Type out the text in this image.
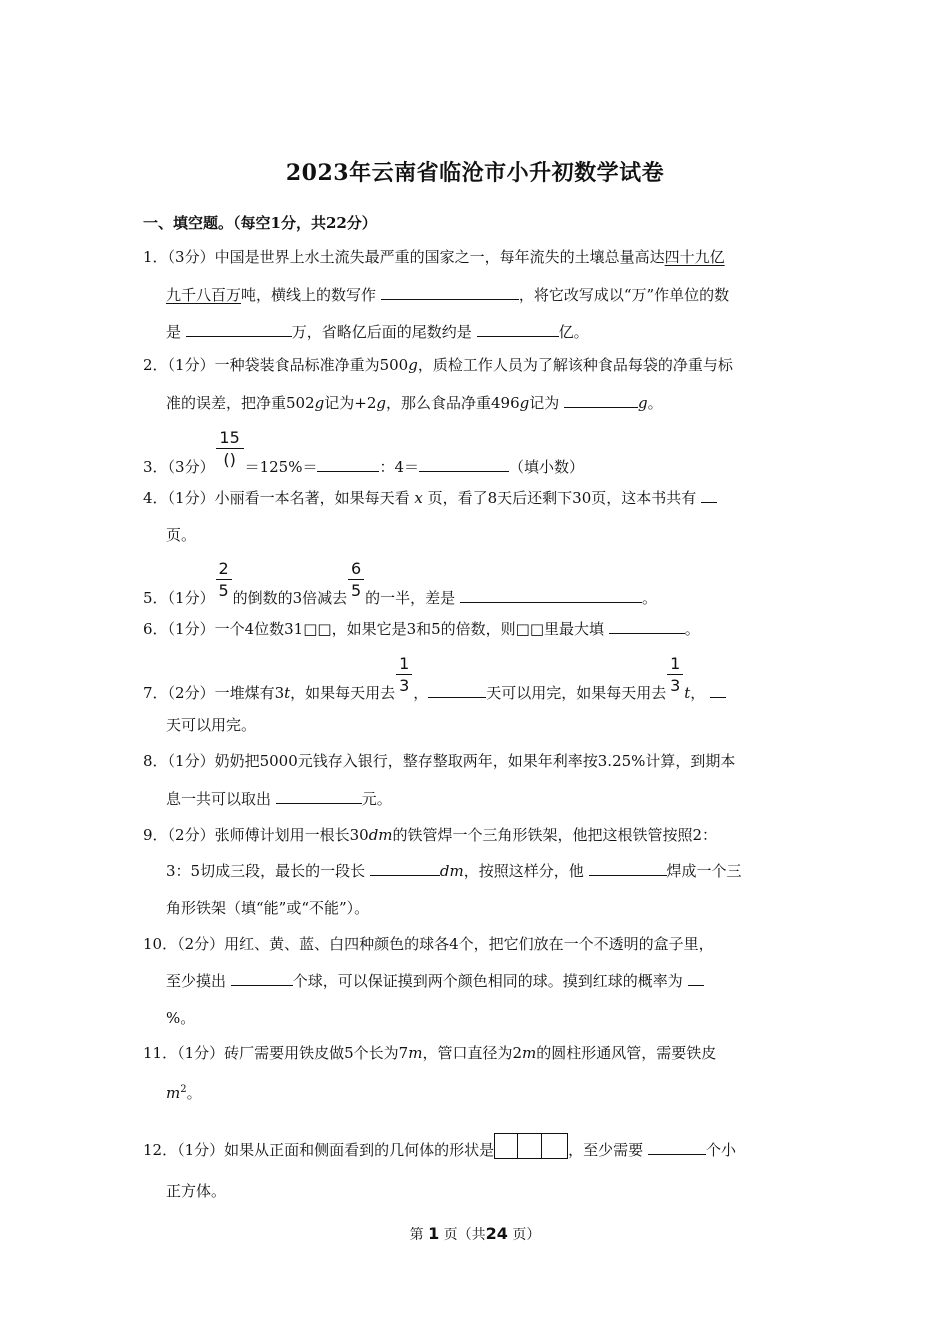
2023年云南省临沧市小升初数学试卷
一、填空题。（每空1分，共22分）
1．（3分）中国是世界上水土流失最严重的国家之一，每年流失的土壤总量高达四十九亿
九千八百万吨，横线上的数写作	，将它改写成以“万”作单位的数
是	万，省略亿后面的尾数约是	亿。
2．（1分）一种袋装食品标准净重为500g，质检工作人员为了解该种食品每袋的净重与标
准的误差，把净重502g记为+2g，那么食品净重496g记为	g。
3．（3分） $\frac{15}{()} =125\%=$	：4＝	（填小数）
4．（1分）小丽看一本名著，如果每天看 x 页，看了8天后还剩下30页，这本书共有
页。
5．（1分） $\frac{2}{5}$ 的倒数的3倍减去 $\frac{6}{5}$ 的一半，差是	。
6．（1分）一个4位数31□□，如果它是3和5的倍数，则□□里最大填	。
7．（2分）一堆煤有3t，如果每天用去 $\frac{1}{3}$ ，	天可以用完，如果每天用去 $\frac{1}{3}$ t，
天可以用完。
8．（1分）奶奶把5000元钱存入银行，整存整取两年，如果年利率按3.25%计算，到期本
息一共可以取出	元。
9．（2分）张师傅计划用一根长30dm的铁管焊一个三角形铁架，他把这根铁管按照2：
3：5切成三段，最长的一段长	dm，按照这样分，他	焊成一个三
角形铁架（填“能”或“不能”）。
10．（2分）用红、黄、蓝、白四种颜色的球各4个，把它们放在一个不透明的盒子里，
至少摸出	个球，可以保证摸到两个颜色相同的球。摸到红球的概率为
%。
11．（1分）砖厂需要用铁皮做5个长为7m，管口直径为2m的圆柱形通风管，需要铁皮
$m^2$。
12．（1分）如果从正面和侧面看到的几何体的形状是	，至少需要	个小
正方体。
第 1 页（共24 页）
